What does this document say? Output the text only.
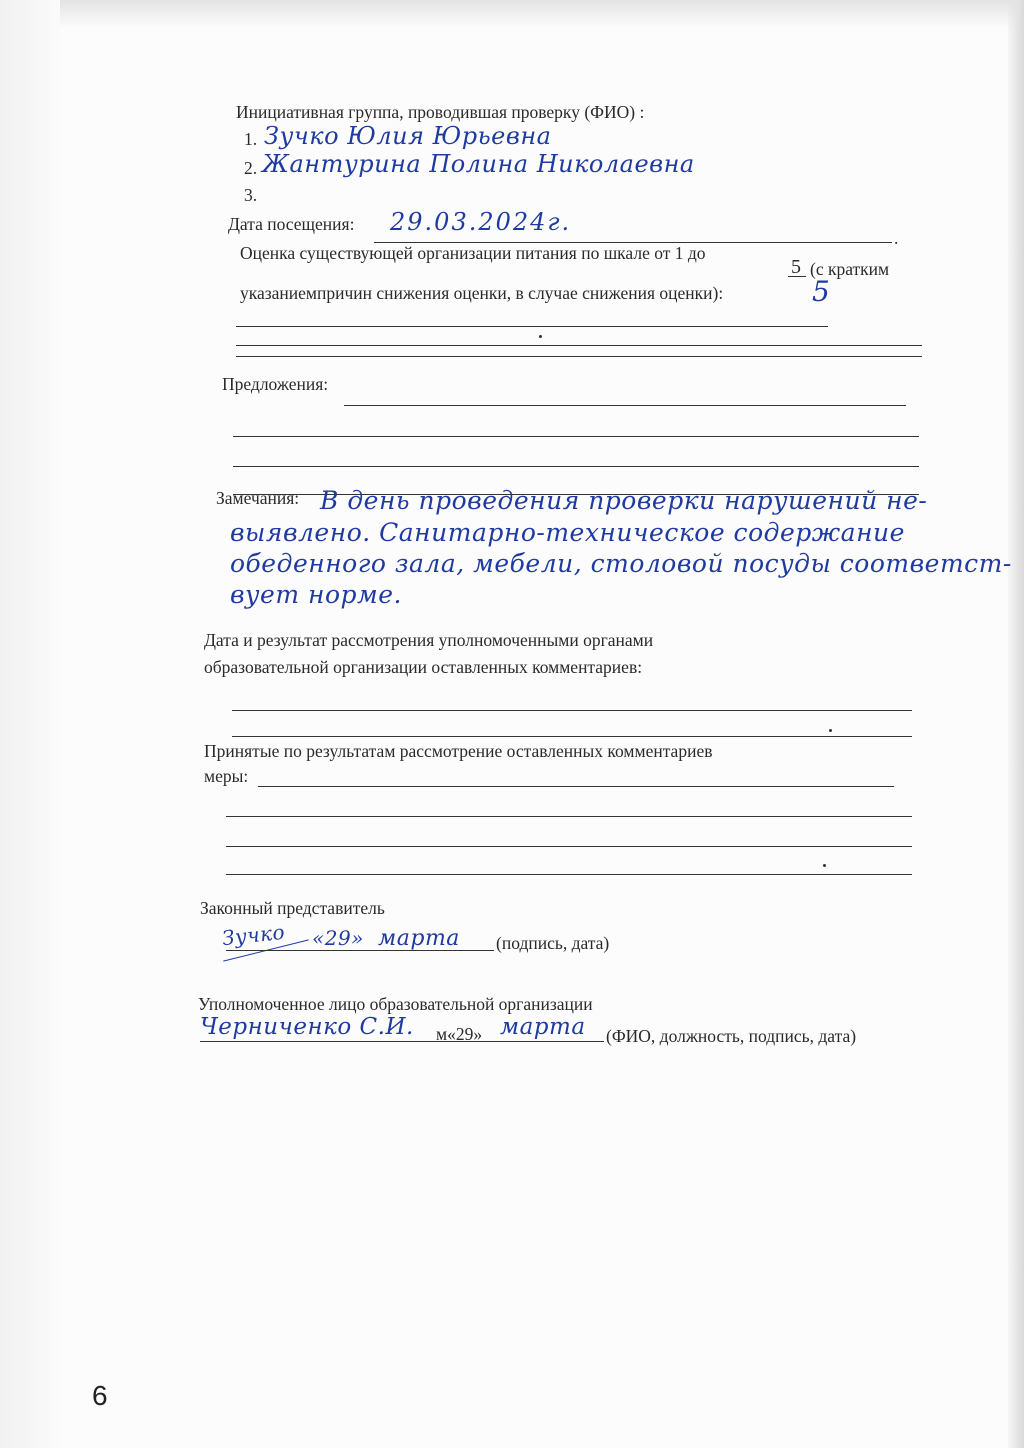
Инициативная группа, проводившая проверку (ФИО) :
1. Зучко Юлия Юрьевна
2. Жантурина Полина Николаевна
3.
Дата посещения: 29.03.2024г.
.
Оценка существующей организации питания по шкале от 1 до
5 (с кратким
указаниемпричин снижения оценки, в случае снижения оценки):	5
Предложения:
Замечания: В день проведения проверки нарушений не-
выявлено. Санитарно-техническое содержание
обеденного зала, мебели, столовой посуды соответст-
вует норме.
Дата и результат рассмотрения уполномоченными органами
образовательной организации оставленных комментариев:
Принятые по результатам рассмотрение оставленных комментариев
меры:
Законный представитель
Зучко «29» марта (подпись, дата)
Уполномоченное лицо образовательной организации
Черниченко С.И. м«29» марта (ФИО, должность, подпись, дата)
6
